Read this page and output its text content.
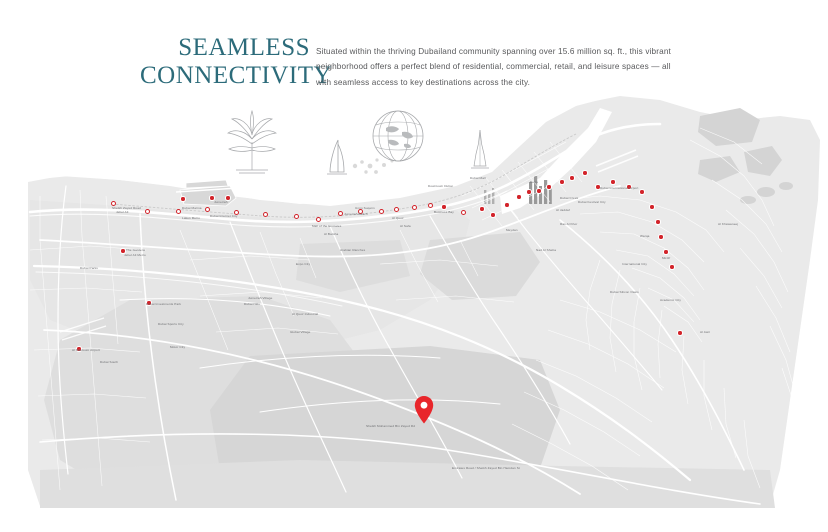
Sheikh Zayed Road
Jebel Ali
Dubai Marina
Jumeirah
Lakes Metro	Dubai Internet City
Mall of the Emirates
Jumeirah Beach
Umm Suqeim
Al Quoz
Business Bay
Downtown Dubai
Dubai Mall
Deira
Dubai Creek
Dubai International Airport
Al Barsha
Al Safa
Arabian Ranches
The Gardens
Jebel Ali Metro
Dubai Investments Park
Dubai Parks
Expo City
Al Maktoum Airport
Dubai South
Dubai Sports City
Motor City
Global Village
Dubai Silicon Oasis
Sheikh Mohammed Bin Zayed Rd
Emirates Road / Sheikh Zayed Bin Hamdan St
Al Khawaneej
Mirdif
Nad Al Sheba
Meydan
Ras Al Khor
International City
Academic City
Warqa
Al Awir
Dubai Festival City
Al Jaddaf
Jumeirah Village
Dubai Hills
Al Quoz Industrial
SEAMLESS
CONNECTIVITY

Situated within the thriving Dubailand community spanning over 15.6 million sq. ft., this vibrant neighborhood offers a perfect blend of residential, commercial, retail, and leisure spaces — all with seamless access to key destinations across the city.
